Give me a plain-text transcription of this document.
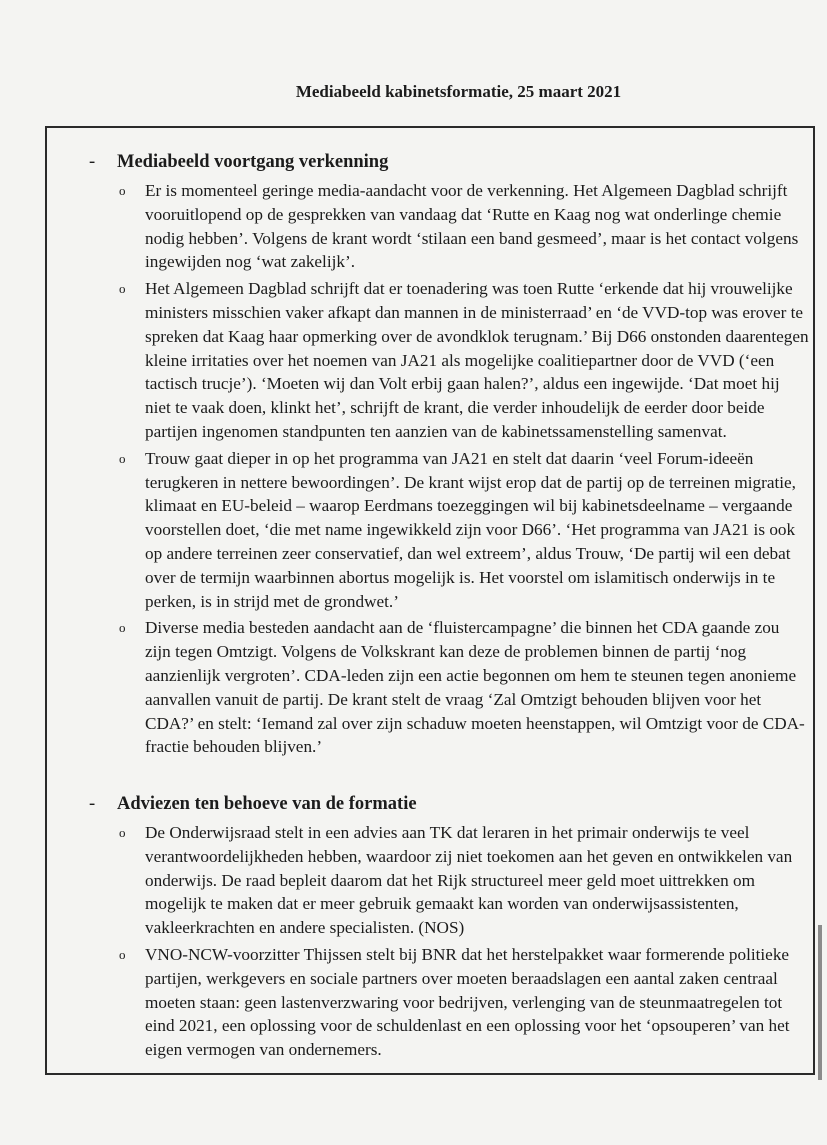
Mediabeeld kabinetsformatie, 25 maart 2021
- Mediabeeld voortgang verkenning
o Er is momenteel geringe media-aandacht voor de verkenning. Het Algemeen Dagblad schrijft vooruitlopend op de gesprekken van vandaag dat ‘Rutte en Kaag nog wat onderlinge chemie nodig hebben’. Volgens de krant wordt ‘stilaan een band gesmeed’, maar is het contact volgens ingewijden nog ‘wat zakelijk’.
o Het Algemeen Dagblad schrijft dat er toenadering was toen Rutte ‘erkende dat hij vrouwelijke ministers misschien vaker afkapt dan mannen in de ministerraad’ en ‘de VVD-top was erover te spreken dat Kaag haar opmerking over de avondklok terugnam.’ Bij D66 onstonden daarentegen kleine irritaties over het noemen van JA21 als mogelijke coalitiepartner door de VVD (‘een tactisch trucje’). ‘Moeten wij dan Volt erbij gaan halen?’, aldus een ingewijde. ‘Dat moet hij niet te vaak doen, klinkt het’, schrijft de krant, die verder inhoudelijk de eerder door beide partijen ingenomen standpunten ten aanzien van de kabinetssamenstelling samenvat.
o Trouw gaat dieper in op het programma van JA21 en stelt dat daarin ‘veel Forum-ideeën terugkeren in nettere bewoordingen’. De krant wijst erop dat de partij op de terreinen migratie, klimaat en EU-beleid – waarop Eerdmans toezeggingen wil bij kabinetsdeelname – vergaande voorstellen doet, ‘die met name ingewikkeld zijn voor D66’. ‘Het programma van JA21 is ook op andere terreinen zeer conservatief, dan wel extreem’, aldus Trouw, ‘De partij wil een debat over de termijn waarbinnen abortus mogelijk is. Het voorstel om islamitisch onderwijs in te perken, is in strijd met de grondwet.’
o Diverse media besteden aandacht aan de ‘fluistercampagne’ die binnen het CDA gaande zou zijn tegen Omtzigt. Volgens de Volkskrant kan deze de problemen binnen de partij ‘nog aanzienlijk vergroten’. CDA-leden zijn een actie begonnen om hem te steunen tegen anonieme aanvallen vanuit de partij. De krant stelt de vraag ‘Zal Omtzigt behouden blijven voor het CDA?’ en stelt: ‘Iemand zal over zijn schaduw moeten heenstappen, wil Omtzigt voor de CDA-fractie behouden blijven.’
- Adviezen ten behoeve van de formatie
o De Onderwijsraad stelt in een advies aan TK dat leraren in het primair onderwijs te veel verantwoordelijkheden hebben, waardoor zij niet toekomen aan het geven en ontwikkelen van onderwijs. De raad bepleit daarom dat het Rijk structureel meer geld moet uittrekken om mogelijk te maken dat er meer gebruik gemaakt kan worden van onderwijsassistenten, vakleerkrachten en andere specialisten. (NOS)
o VNO-NCW-voorzitter Thijssen stelt bij BNR dat het herstelpakket waar formerende politieke partijen, werkgevers en sociale partners over moeten beraadslagen een aantal zaken centraal moeten staan: geen lastenverzwaring voor bedrijven, verlenging van de steunmaatregelen tot eind 2021, een oplossing voor de schuldenlast en een oplossing voor het ‘opsouperen’ van het eigen vermogen van ondernemers.
